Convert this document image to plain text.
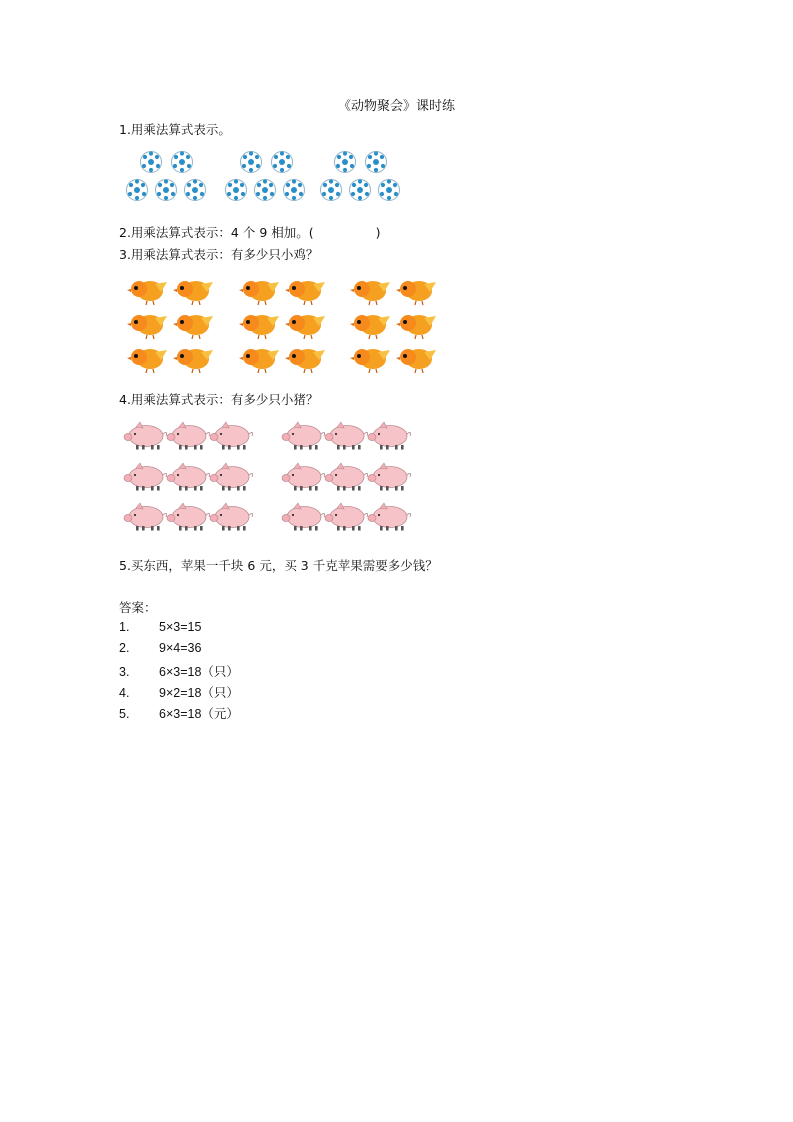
《动物聚会》课时练
1.用乘法算式表示。
2.用乘法算式表示：4 个 9 相加。(	)
3.用乘法算式表示：有多少只小鸡？
4.用乘法算式表示：有多少只小猪？
5.买东西，苹果一千块 6 元，买 3 千克苹果需要多少钱？
答案：
1. 5×3=15
2. 9×4=36
3. 6×3=18（只）
4. 9×2=18（只）
5. 6×3=18（元）
